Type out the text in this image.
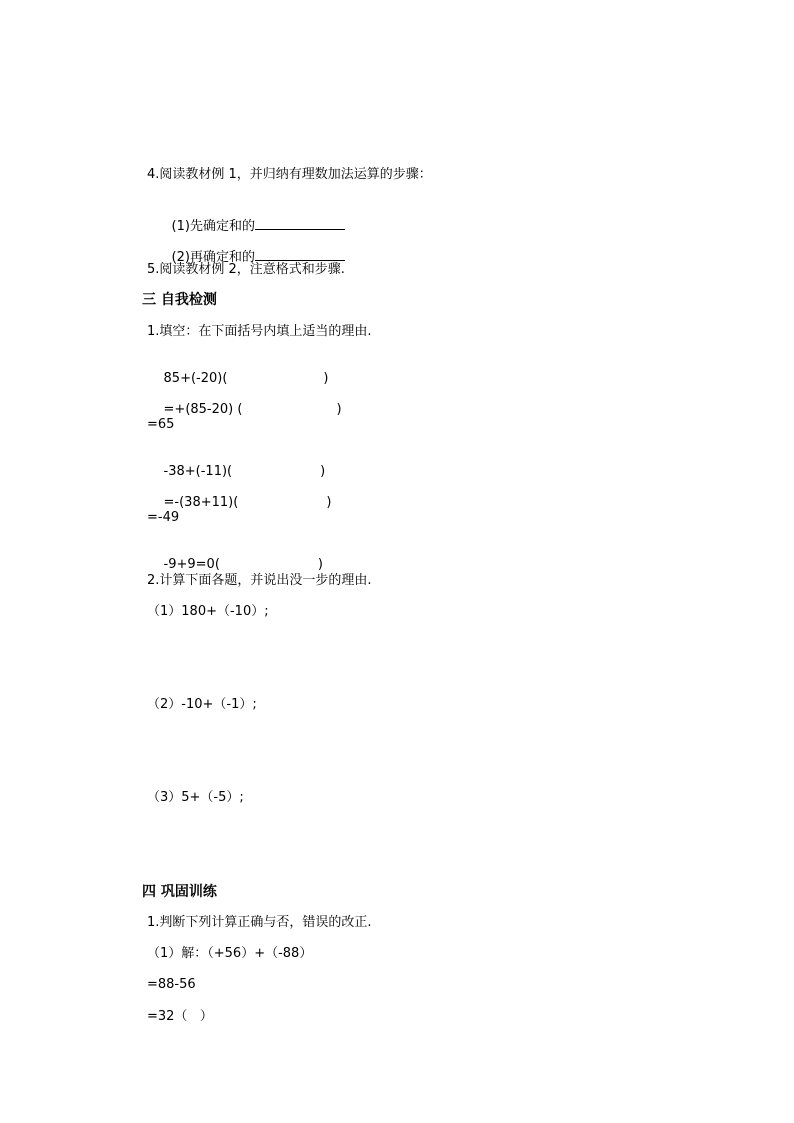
4.阅读教材例 1，并归纳有理数加法运算的步骤：

(1)先确定和的

(2)再确定和的

5.阅读教材例 2，注意格式和步骤.
三 自我检测
1.填空：在下面括号内填上适当的理由.

85+(-20)(	)

=+(85-20) (	)

=65

-38+(-11)(	)

=-(38+11)(	)

=-49

-9+9=0(	)

2.计算下面各题，并说出没一步的理由.
（1）180+（-10）;
（2）-10+（-1）;
（3）5+（-5）;
四 巩固训练
1.判断下列计算正确与否，错误的改正.
（1）解：（+56）+（-88）
=88-56
=32（   ）
